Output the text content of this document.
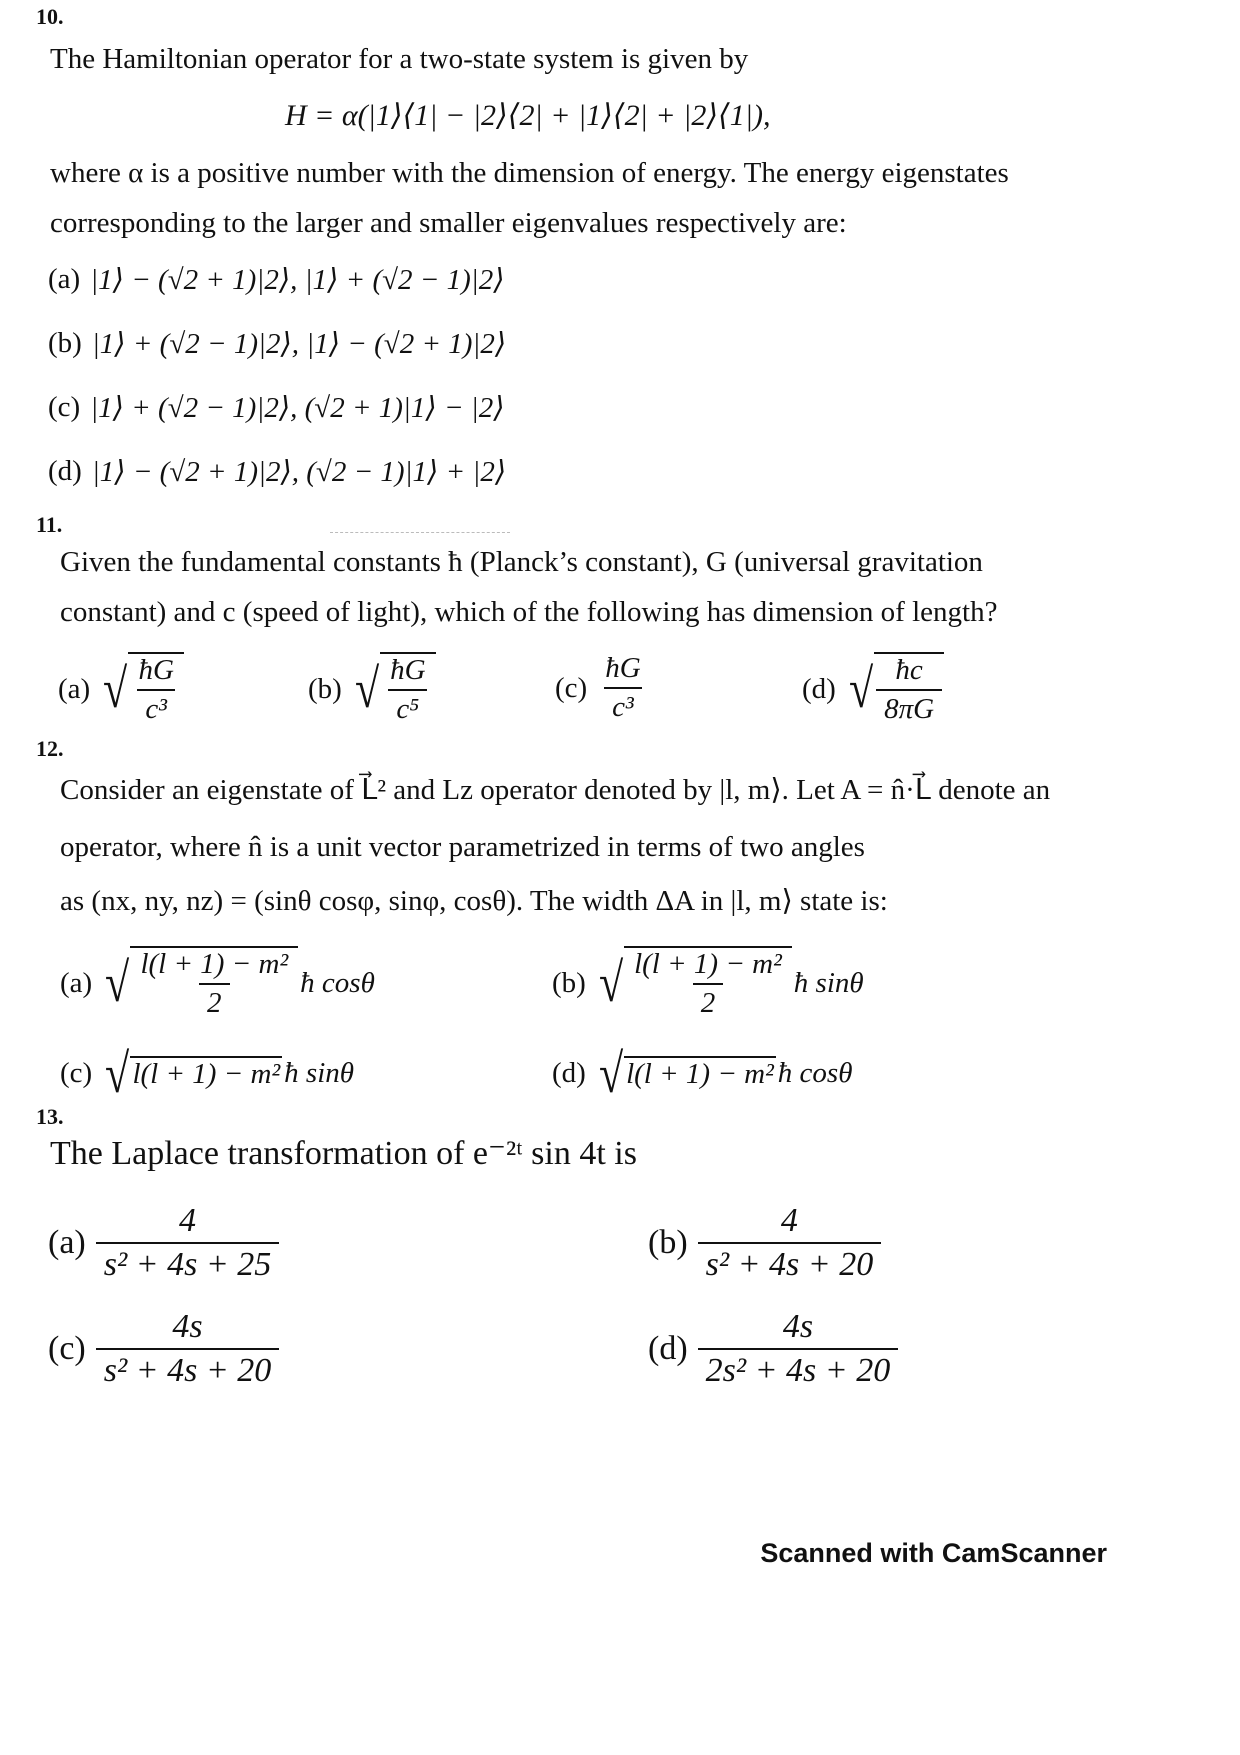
10.
The Hamiltonian operator for a two-state system is given by
H = α(|1⟩⟨1| − |2⟩⟨2| + |1⟩⟨2| + |2⟩⟨1|),
where α is a positive number with the dimension of energy. The energy eigenstates
corresponding to the larger and smaller eigenvalues respectively are:
(a) |1⟩ − (√2 + 1)|2⟩, |1⟩ + (√2 − 1)|2⟩
(b) |1⟩ + (√2 − 1)|2⟩, |1⟩ − (√2 + 1)|2⟩
(c) |1⟩ + (√2 − 1)|2⟩, (√2 + 1)|1⟩ − |2⟩
(d) |1⟩ − (√2 + 1)|2⟩, (√2 − 1)|1⟩ + |2⟩
11.
Given the fundamental constants ħ (Planck’s constant), G (universal gravitation
constant) and c (speed of light), which of the following has dimension of length?
(a) √ $\frac{ħG}{\text{c³}}$	(b) √ $\frac{ħG}{\text{c⁵}}$	$(c) \frac{ħG}{\text{c³}}$	(d) √ $\frac{ħc}{8\pi G}$
12.
Consider an eigenstate of L⃗² and Lz operator denoted by |l, m⟩. Let A = n̂·L⃗ denote an
operator, where n̂ is a unit vector parametrized in terms of two angles
as (nx, ny, nz) = (sinθ cosφ, sinφ, cosθ). The width ΔA in |l, m⟩ state is:
(a) √ $\frac{\text{l(l + 1) − m²}}{2}$ ħ cosθ	(b) √ $\frac{\text{l(l + 1) − m²}}{2}$ ħ sinθ
(c) √ l(l + 1) − m² ħ sinθ	(d) √ l(l + 1) − m² ħ cosθ
13.
The Laplace transformation of e⁻²ᵗ sin 4t is
$(a) \frac{4}{\text{s² + 4s + 25}}$	$(b) \frac{4}{\text{s² + 4s + 20}}$
$(c) \frac{4s}{\text{s² + 4s + 20}}$	$(d) \frac{4s}{\text{2s² + 4s + 20}}$
Scanned with CamScanner
